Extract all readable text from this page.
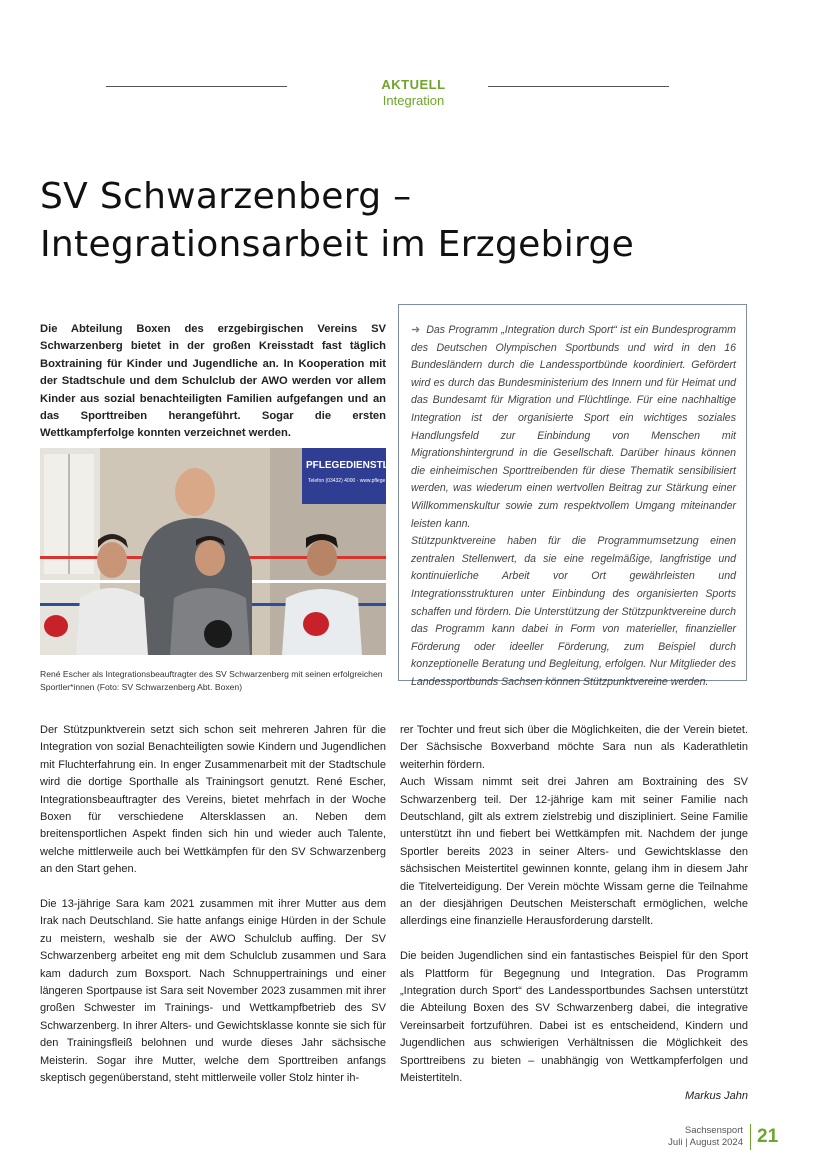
AKTUELL
Integration
SV Schwarzenberg –
Integrationsarbeit im Erzgebirge
Die Abteilung Boxen des erzgebirgischen Vereins SV Schwarzenberg bietet in der großen Kreisstadt fast täglich Boxtraining für Kinder und Jugendliche an. In Kooperation mit der Stadtschule und dem Schulclub der AWO werden vor allem Kinder aus sozial benachteiligten Familien aufgefangen und an das Sporttreiben herangeführt. Sogar die ersten Wettkampferfolge konnten verzeichnet werden.
PFLEGEDIENSTLEIS
Telefon (03432) 4000 · www.pflege
René Escher als Integrationsbeauftragter des SV Schwarzenberg mit seinen erfolgreichen Sportler*innen (Foto: SV Schwarzenberg Abt. Boxen)

➜ Das Programm „Integration durch Sport“ ist ein Bundesprogramm des Deutschen Olympischen Sportbunds und wird in den 16 Bundesländern durch die Landessportbünde koordiniert. Gefördert wird es durch das Bundesministerium des Innern und für Heimat und das Bundesamt für Migration und Flüchtlinge. Für eine nachhaltige Integration ist der organisierte Sport ein wichtiges soziales Handlungsfeld zur Einbindung von Menschen mit Migrationshintergrund in die Gesellschaft. Darüber hinaus können die einheimischen Sporttreibenden für diese Thematik sensibilisiert werden, was wiederum einen wertvollen Beitrag zur Stärkung einer Willkommenskultur sowie zum respektvollem Umgang miteinander leisten kann.

Stützpunktvereine haben für die Programmumsetzung einen zentralen Stellenwert, da sie eine regelmäßige, langfristige und kontinuierliche Arbeit vor Ort gewährleisten und Integrationsstrukturen unter Einbindung des organisierten Sports schaffen und fördern. Die Unterstützung der Stützpunktvereine durch das Programm kann dabei in Form von materieller, finanzieller Förderung oder ideeller Förderung, zum Beispiel durch konzeptionelle Beratung und Begleitung, erfolgen. Nur Mitglieder des Landessportbunds Sachsen können Stützpunktvereine werden.

Der Stützpunktverein setzt sich schon seit mehreren Jahren für die Integration von sozial Benachteiligten sowie Kindern und Jugendlichen mit Fluchterfahrung ein. In enger Zusammenarbeit mit der Stadtschule wird die dortige Sporthalle als Trainingsort genutzt. René Escher, Integrationsbeauftragter des Vereins, bietet mehrfach in der Woche Boxen für verschiedene Altersklassen an. Neben dem breitensportlichen Aspekt finden sich hin und wieder auch Talente, welche mittlerweile auch bei Wettkämpfen für den SV Schwarzenberg an den Start gehen.

Die 13-jährige Sara kam 2021 zusammen mit ihrer Mutter aus dem Irak nach Deutschland. Sie hatte anfangs einige Hürden in der Schule zu meistern, weshalb sie der AWO Schulclub auffing. Der SV Schwarzenberg arbeitet eng mit dem Schulclub zusammen und Sara kam dadurch zum Boxsport. Nach Schnuppertrainings und einer längeren Sportpause ist Sara seit November 2023 zusammen mit ihrer großen Schwester im Trainings- und Wettkampfbetrieb des SV Schwarzenberg. In ihrer Alters- und Gewichtsklasse konnte sie sich für den Trainingsfleiß belohnen und wurde dieses Jahr sächsische Meisterin. Sogar ihre Mutter, welche dem Sporttreiben anfangs skeptisch gegenüberstand, steht mittlerweile voller Stolz hinter ih-

rer Tochter und freut sich über die Möglichkeiten, die der Verein bietet. Der Sächsische Boxverband möchte Sara nun als Kaderathletin weiterhin fördern.

Auch Wissam nimmt seit drei Jahren am Boxtraining des SV Schwarzenberg teil. Der 12-jährige kam mit seiner Familie nach Deutschland, gilt als extrem zielstrebig und diszipliniert. Seine Familie unterstützt ihn und fiebert bei Wettkämpfen mit. Nachdem der junge Sportler bereits 2023 in seiner Alters- und Gewichtsklasse den sächsischen Meistertitel gewinnen konnte, gelang ihm in diesem Jahr die Titelverteidigung. Der Verein möchte Wissam gerne die Teilnahme an der diesjährigen Deutschen Meisterschaft ermöglichen, welche allerdings eine finanzielle Herausforderung darstellt.

Die beiden Jugendlichen sind ein fantastisches Beispiel für den Sport als Plattform für Begegnung und Integration. Das Programm „Integration durch Sport“ des Landessportbundes Sachsen unterstützt die Abteilung Boxen des SV Schwarzenberg dabei, die integrative Vereinsarbeit fortzuführen. Dabei ist es entscheidend, Kindern und Jugendlichen aus schwierigen Verhältnissen die Möglichkeit des Sporttreibens zu bieten – unabhängig von Wettkampferfolgen und Meistertiteln.

Markus Jahn
Sachsensport
Juli | August 2024 21
